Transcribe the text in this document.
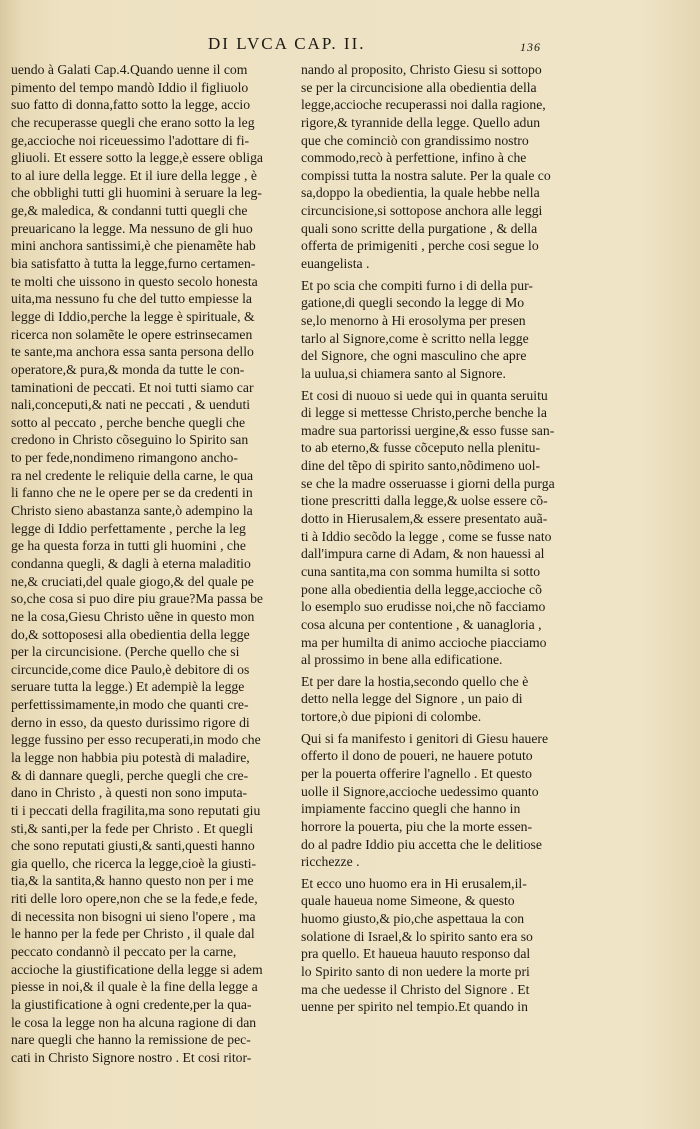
DI LVCA CAP. II.	136
uendo à Galati Cap.4.Quando uenne il com
pimento del tempo mandò Iddio il figliuolo
suo fatto di donna,fatto sotto la legge, accio
che recuperasse quegli che erano sotto la leg
ge,accioche noi riceuessimo l'adottare di fi-
gliuoli. Et essere sotto la legge,è essere obliga
to al iure della legge. Et il iure della legge , è
che obblighi tutti gli huomini à seruare la leg-
ge,& maledica, & condanni tutti quegli che
preuaricano la legge. Ma nessuno de gli huo
mini anchora santissimi,è che pienamẽte hab
bia satisfatto à tutta la legge,furno certamen-
te molti che uissono in questo secolo honesta
uita,ma nessuno fu che del tutto empiesse la
legge di Iddio,perche la legge è spirituale, &
ricerca non solamẽte le opere estrinsecamen
te sante,ma anchora essa santa persona dello
operatore,& pura,& monda da tutte le con-
taminationi de peccati. Et noi tutti siamo car
nali,conceputi,& nati ne peccati , & uenduti
sotto al peccato , perche benche quegli che
credono in Christo cõseguino lo Spirito san
to per fede,nondimeno rimangono ancho-
ra nel credente le reliquie della carne, le qua
li fanno che ne le opere per se da credenti in
Christo sieno abastanza sante,ò adempino la
legge di Iddio perfettamente , perche la leg
ge ha questa forza in tutti gli huomini , che
condanna quegli, & dagli à eterna maladitio
ne,& cruciati,del quale giogo,& del quale pe
so,che cosa si puo dire piu graue?Ma passa be
ne la cosa,Giesu Christo uẽne in questo mon
do,& sottoposesi alla obedientia della legge
per la circuncisione. (Perche quello che si
circuncide,come dice Paulo,è debitore di os
seruare tutta la legge.) Et adempiè la legge
perfettissimamente,in modo che quanti cre-
derno in esso, da questo durissimo rigore di
legge fussino per esso recuperati,in modo che
la legge non habbia piu potestà di maladire,
& di dannare quegli, perche quegli che cre-
dano in Christo , à questi non sono imputa-
ti i peccati della fragilita,ma sono reputati giu
sti,& santi,per la fede per Christo . Et quegli
che sono reputati giusti,& santi,questi hanno
gia quello, che ricerca la legge,cioè la giusti-
tia,& la santita,& hanno questo non per i me
riti delle loro opere,non che se la fede,e fede,
di necessita non bisogni ui sieno l'opere , ma
le hanno per la fede per Christo , il quale dal
peccato condannò il peccato per la carne,
accioche la giustificatione della legge si adem
piesse in noi,& il quale è la fine della legge a
la giustificatione à ogni credente,per la qua-
le cosa la legge non ha alcuna ragione di dan
nare quegli che hanno la remissione de pec-
cati in Christo Signore nostro . Et cosi ritor-
nando al proposito, Christo Giesu si sottopo
se per la circuncisione alla obedientia della
legge,accioche recuperassi noi dalla ragione,
rigore,& tyrannide della legge. Quello adun
que che cominciò con grandissimo nostro
commodo,recò à perfettione, infino à che
compissi tutta la nostra salute. Per la quale co
sa,doppo la obedientia, la quale hebbe nella
circuncisione,si sottopose anchora alle leggi
quali sono scritte della purgatione , & della
offerta de primigeniti , perche cosi segue lo
euangelista .
Et po scia che compiti furno i di della pur-
gatione,di quegli secondo la legge di Mo
se,lo menorno à Hi erosolyma per presen
tarlo al Signore,come è scritto nella legge
del Signore, che ogni masculino che apre
la uulua,si chiamera santo al Signore.
Et cosi di nuouo si uede qui in quanta seruitu
di legge si mettesse Christo,perche benche la
madre sua partorissi uergine,& esso fusse san-
to ab eterno,& fusse cõceputo nella plenitu-
dine del tẽpo di spirito santo,nõdimeno uol-
se che la madre osseruasse i giorni della purga
tione prescritti dalla legge,& uolse essere cõ-
dotto in Hierusalem,& essere presentato auã-
ti à Iddio secõdo la legge , come se fusse nato
dall'impura carne di Adam, & non hauessi al
cuna santita,ma con somma humilta si sotto
pone alla obedientia della legge,accioche cõ
lo esemplo suo erudisse noi,che nõ facciamo
cosa alcuna per contentione , & uanagloria ,
ma per humilta di animo accioche piacciamo
al prossimo in bene alla edificatione.
Et per dare la hostia,secondo quello che è
detto nella legge del Signore , un paio di
tortore,ò due pipioni di colombe.
Qui si fa manifesto i genitori di Giesu hauere
offerto il dono de poueri, ne hauere potuto
per la pouerta offerire l'agnello . Et questo
uolle il Signore,accioche uedessimo quanto
impiamente faccino quegli che hanno in
horrore la pouerta, piu che la morte essen-
do al padre Iddio piu accetta che le delitiose
ricchezze .
Et ecco uno huomo era in Hi erusalem,il-
quale haueua nome Simeone, & questo
huomo giusto,& pio,che aspettaua la con
solatione di Israel,& lo spirito santo era so
pra quello. Et haueua hauuto responso dal
lo Spirito santo di non uedere la morte pri
ma che uedesse il Christo del Signore . Et
uenne per spirito nel tempio.Et quando in
